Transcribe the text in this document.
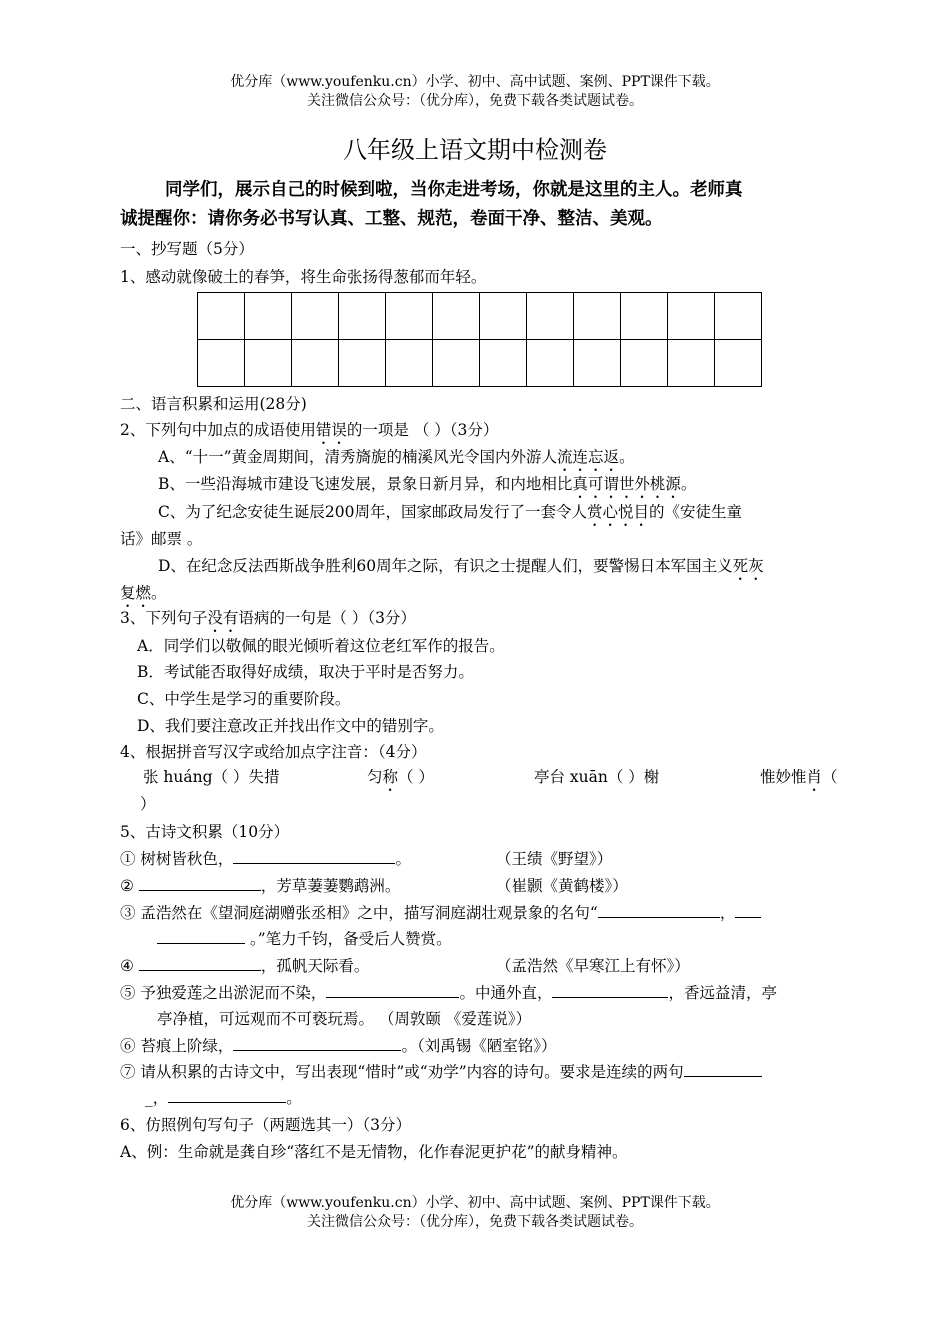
优分库（www.youfenku.cn）小学、初中、高中试题、案例、PPT课件下载。
关注微信公众号：（优分库），免费下载各类试题试卷。
八年级上语文期中检测卷
同学们，展示自己的时候到啦，当你走进考场，你就是这里的主人。老师真
诚提醒你：请你务必书写认真、工整、规范，卷面干净、整洁、美观。
一、抄写题（5分）
1、感动就像破土的春笋，将生命张扬得葱郁而年轻。

二、语言积累和运用(28分)
2、下列句中加点的成语使用错误的一项是 （ ）（3分）
A、“十一”黄金周期间，清秀旖旎的楠溪风光令国内外游人流连忘返。
B、一些沿海城市建设飞速发展，景象日新月异，和内地相比真可谓世外桃源。
C、为了纪念安徒生诞辰200周年，国家邮政局发行了一套令人赏心悦目的《安徒生童
话》邮票 。
D、在纪念反法西斯战争胜利60周年之际，有识之士提醒人们，要警惕日本军国主义死灰
复燃。
3、下列句子没有语病的一句是（ ）（3分）
A．同学们以敬佩的眼光倾听着这位老红军作的报告。
B．考试能否取得好成绩，取决于平时是否努力。
C、中学生是学习的重要阶段。
D、我们要注意改正并找出作文中的错别字。
4、根据拼音写汉字或给加点字注音：（4分）
张 huáng（ ）失措	匀称（ ）	亭台 xuān（ ）榭	惟妙惟肖（
）
5、古诗文积累（10分）
① 树树皆秋色，	。	（王绩《野望》）
②	，芳草萋萋鹦鹉洲。	（崔颢《黄鹤楼》）
③ 孟浩然在《望洞庭湖赠张丞相》之中，描写洞庭湖壮观景象的名句“	，
。”笔力千钧，备受后人赞赏。
④	，孤帆天际看。	（孟浩然《早寒江上有怀》）
⑤ 予独爱莲之出淤泥而不染，	。中通外直，	，香远益清，亭
亭净植，可远观而不可亵玩焉。 （周敦颐 《爱莲说》）
⑥ 苔痕上阶绿，	。（刘禹锡《陋室铭》）
⑦ 请从积累的古诗文中，写出表现“惜时”或“劝学”内容的诗句。要求是连续的两句
_，	。
6、仿照例句写句子（两题选其一）（3分）
A、例：生命就是龚自珍“落红不是无情物，化作春泥更护花”的献身精神。
优分库（www.youfenku.cn）小学、初中、高中试题、案例、PPT课件下载。
关注微信公众号：（优分库），免费下载各类试题试卷。
